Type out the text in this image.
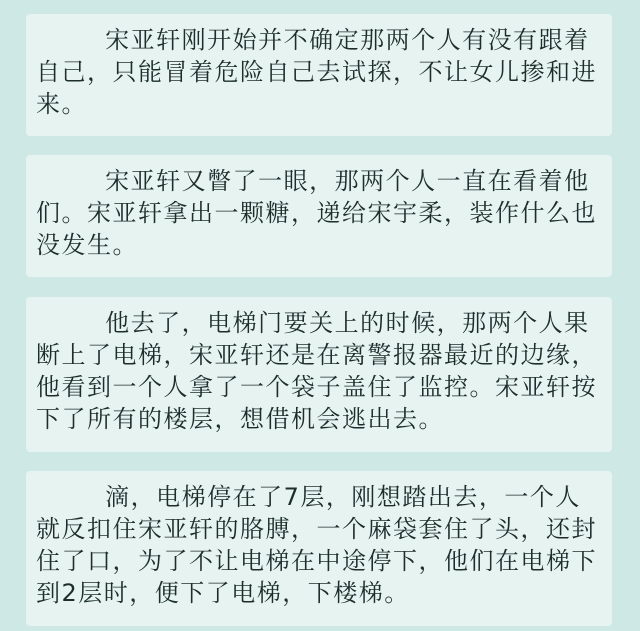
宋亚轩刚开始并不确定那两个人有没有跟着自己，只能冒着危险自己去试探，不让女儿掺和进来。

宋亚轩又瞥了一眼，那两个人一直在看着他们。宋亚轩拿出一颗糖，递给宋宇柔，装作什么也没发生。

他去了，电梯门要关上的时候，那两个人果断上了电梯，宋亚轩还是在离警报器最近的边缘，他看到一个人拿了一个袋子盖住了监控。宋亚轩按下了所有的楼层，想借机会逃出去。

滴，电梯停在了7层，刚想踏出去，一个人就反扣住宋亚轩的胳膊，一个麻袋套住了头，还封住了口，为了不让电梯在中途停下，他们在电梯下到2层时，便下了电梯，下楼梯。
